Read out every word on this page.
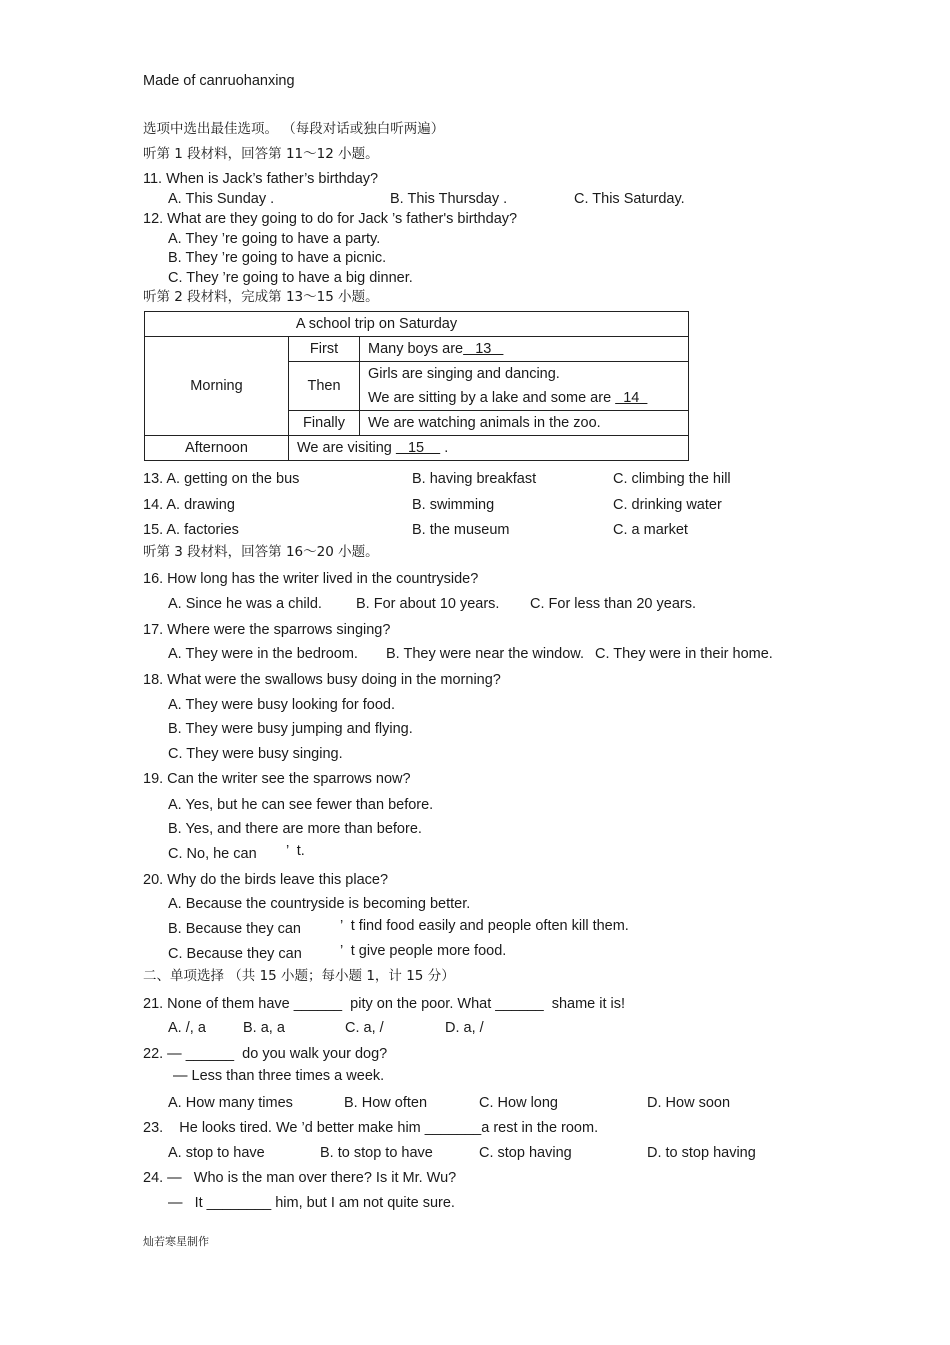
Made of canruohanxing
选项中选出最佳选项。 （每段对话或独白听两遍）
听第 1 段材料，回答第 11～12 小题。
11. When is Jack’s father’s birthday?
A. This Sunday .	B. This Thursday .	C. This Saturday.
12. What are they going to do for Jack ’s father's birthday?
A. They ’re going to have a party.
B. They ’re going to have a picnic.
C. They ’re going to have a big dinner.
听第 2 段材料，完成第 13～15 小题。
A school trip on Saturday		
Morning	First	Many boys are   13
	Then	Girls are singing and dancing.
		We are sitting by a lake and some are   14
	Finally	We are watching animals in the zoo.
Afternoon	We are visiting    15     .	
13. A. getting on the bus	B. having breakfast	C. climbing the hill
14. A. drawing	B. swimming	C. drinking water
15. A. factories	B. the museum	C. a market
听第 3 段材料，回答第 16～20 小题。
16. How long has the writer lived in the countryside?
A. Since he was a child. B. For about 10 years. C. For less than 20 years.
17. Where were the sparrows singing?
A. They were in the bedroom. B. They were near the window. C. They were in their home.
18. What were the swallows busy doing in the morning?
A. They were busy looking for food.
B. They were busy jumping and flying.
C. They were busy singing.
19. Can the writer see the sparrows now?
A. Yes, but he can see fewer than before.
B. Yes, and there are more than before.
C. No, he can ’  t.
20. Why do the birds leave this place?
A. Because the countryside is becoming better.
B. Because they can	’  t find food easily and people often kill them.
C. Because they can	’  t give people more food.
二、单项选择 （共 15 小题；每小题 1，计 15 分）
21. None of them have ______  pity on the poor. What ______  shame it is!
A. /, a	B. a, a	C. a, /	D. a, /
22. — ______  do you walk your dog?
— Less than three times a week.
A. How many times	B. How often	C. How long	D. How soon
23.    He looks tired. We ’d better make him _______a rest in the room.
A. stop to have	B. to stop to have	C. stop having	D. to stop having
24. —   Who is the man over there? Is it Mr. Wu?
—   It ________ him, but I am not quite sure.
灿若寒星制作
